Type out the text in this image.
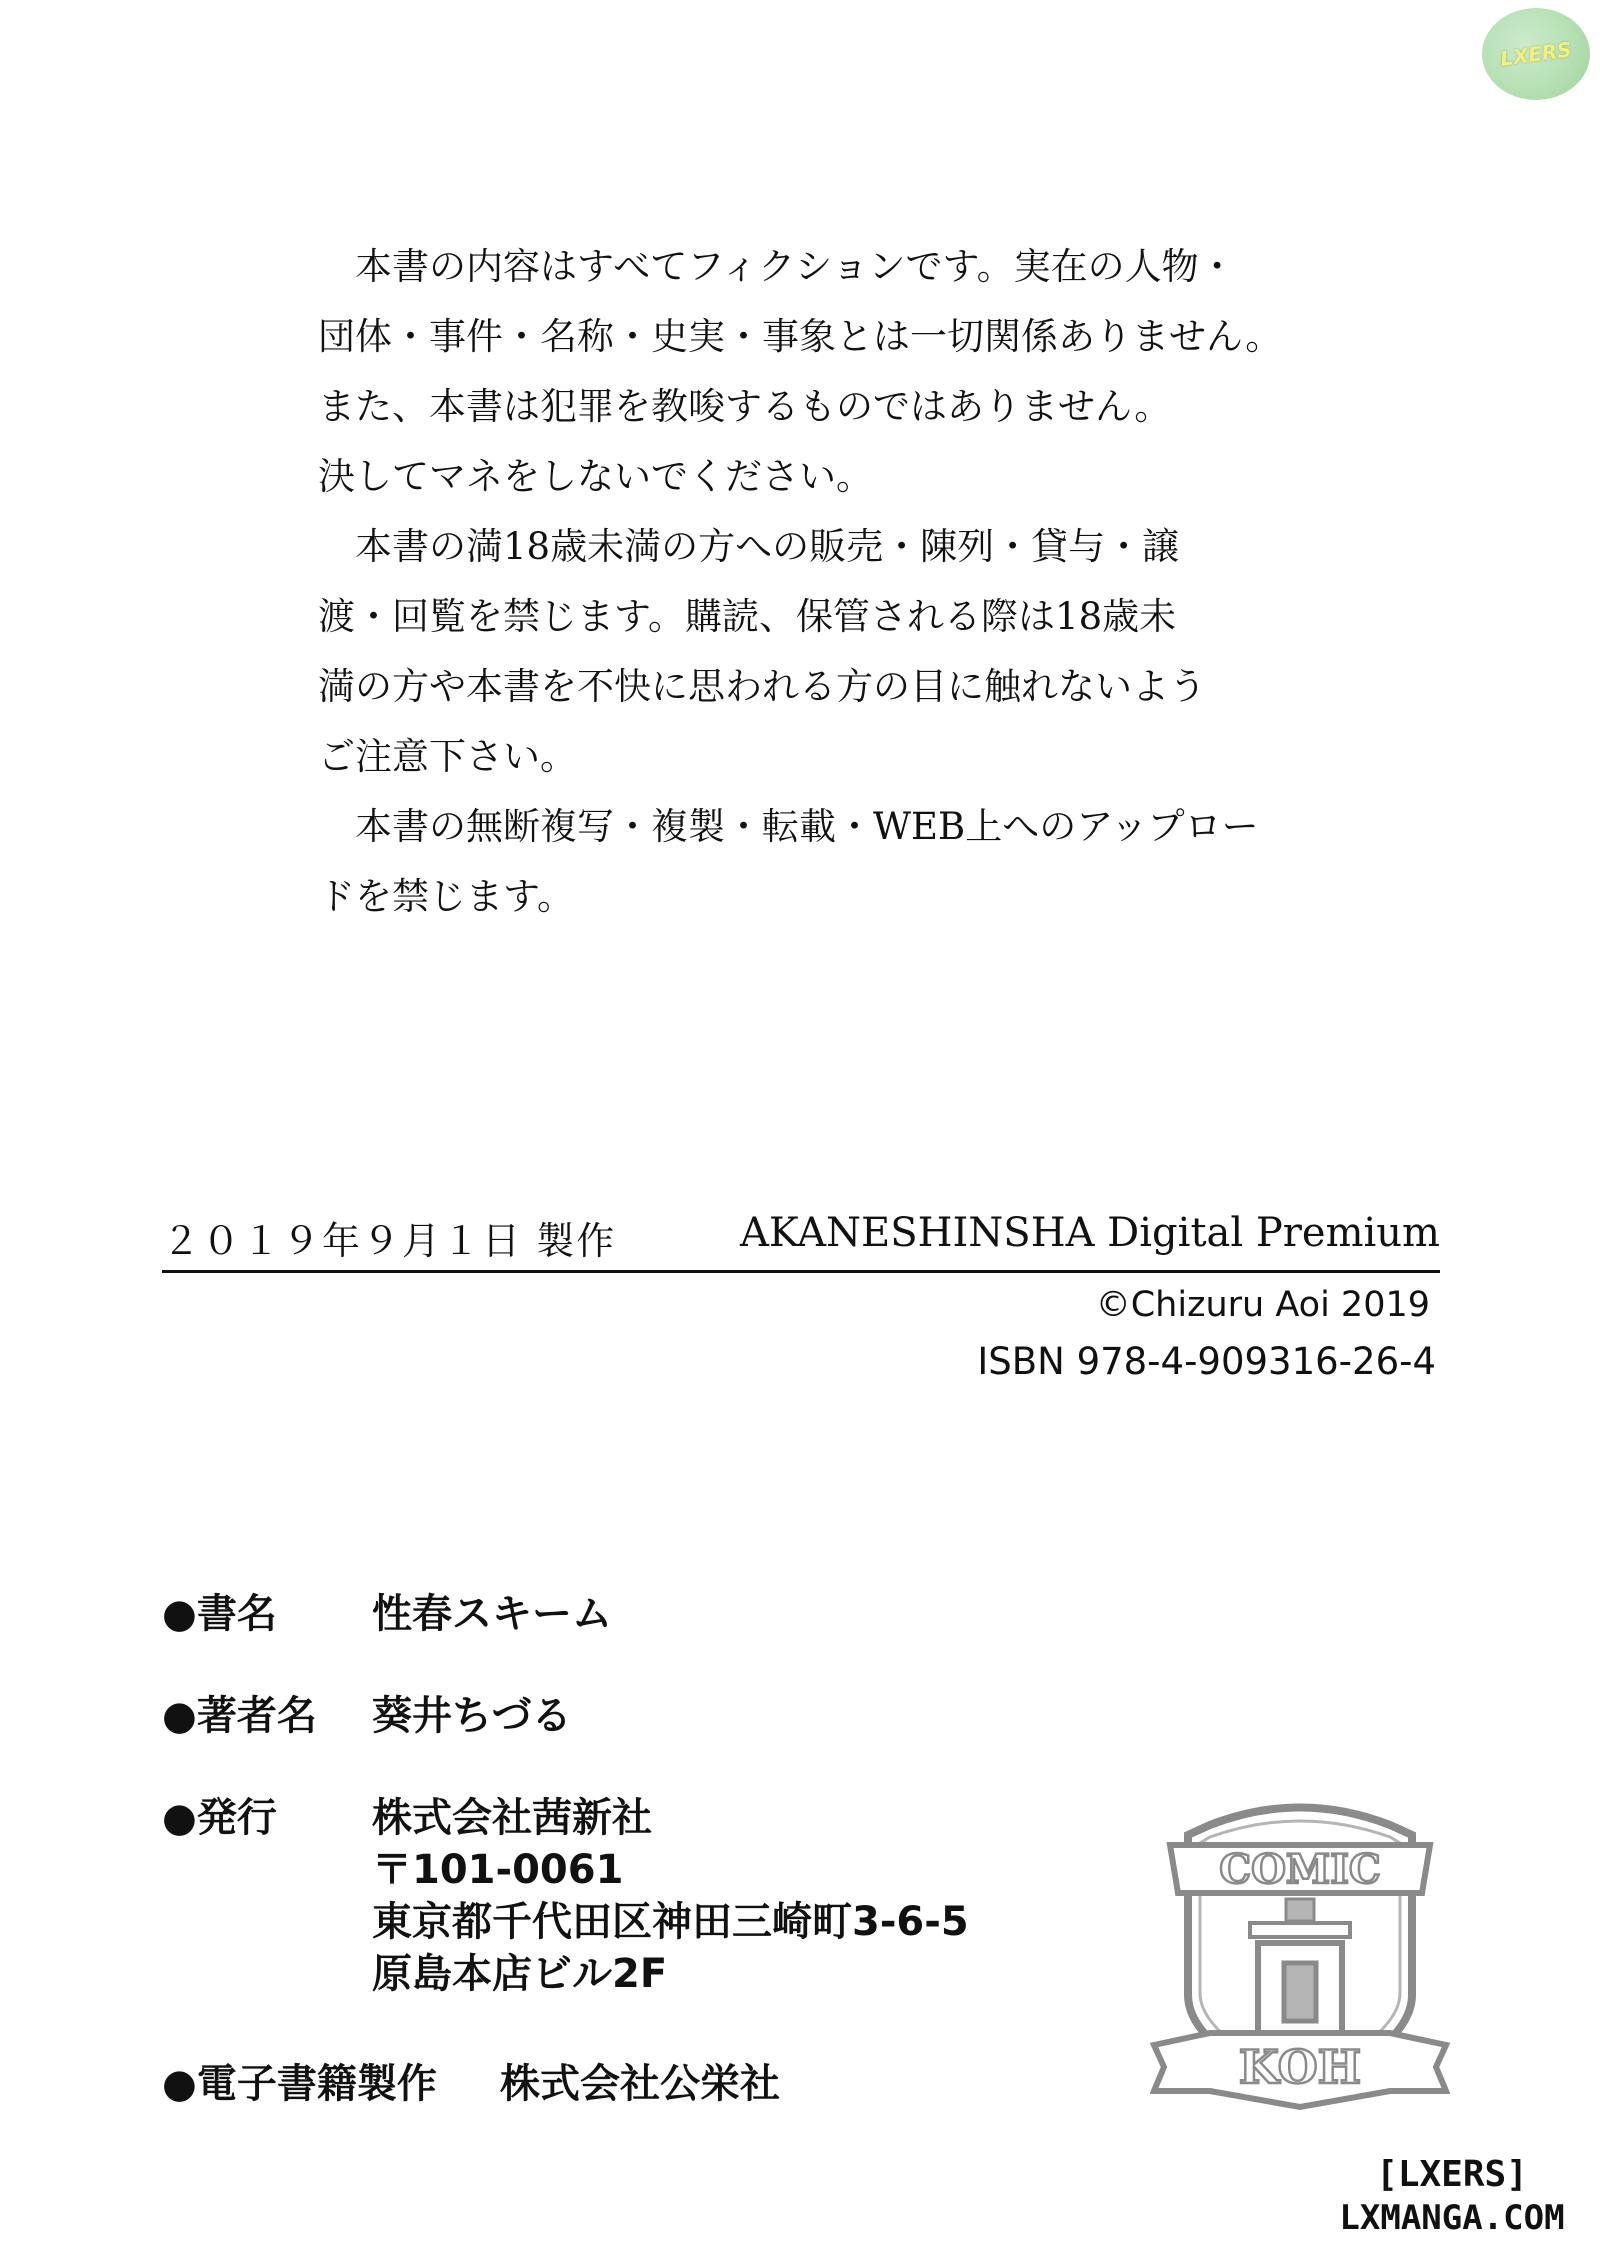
LXERS
　本書の内容はすべてフィクションです。実在の人物・
団体・事件・名称・史実・事象とは一切関係ありません。
また、本書は犯罪を教唆するものではありません。
決してマネをしないでください。
　本書の満18歳未満の方への販売・陳列・貸与・譲
渡・回覧を禁じます。購読、保管される際は18歳未
満の方や本書を不快に思われる方の目に触れないよう
ご注意下さい。
　本書の無断複写・複製・転載・WEB上へのアップロー
ドを禁じます。
２０１９年９月１日 製作	AKANESHINSHA Digital Premium
©Chizuru Aoi 2019
ISBN 978-4-909316-26-4
●書名 性春スキーム
●著者名 葵井ちづる
●発行 株式会社茜新社
〒101-0061
東京都千代田区神田三崎町3-6-5
原島本店ビル2F
●電子書籍製作 株式会社公栄社
COMIC
KOH
[LXERS]
LXMANGA.COM
